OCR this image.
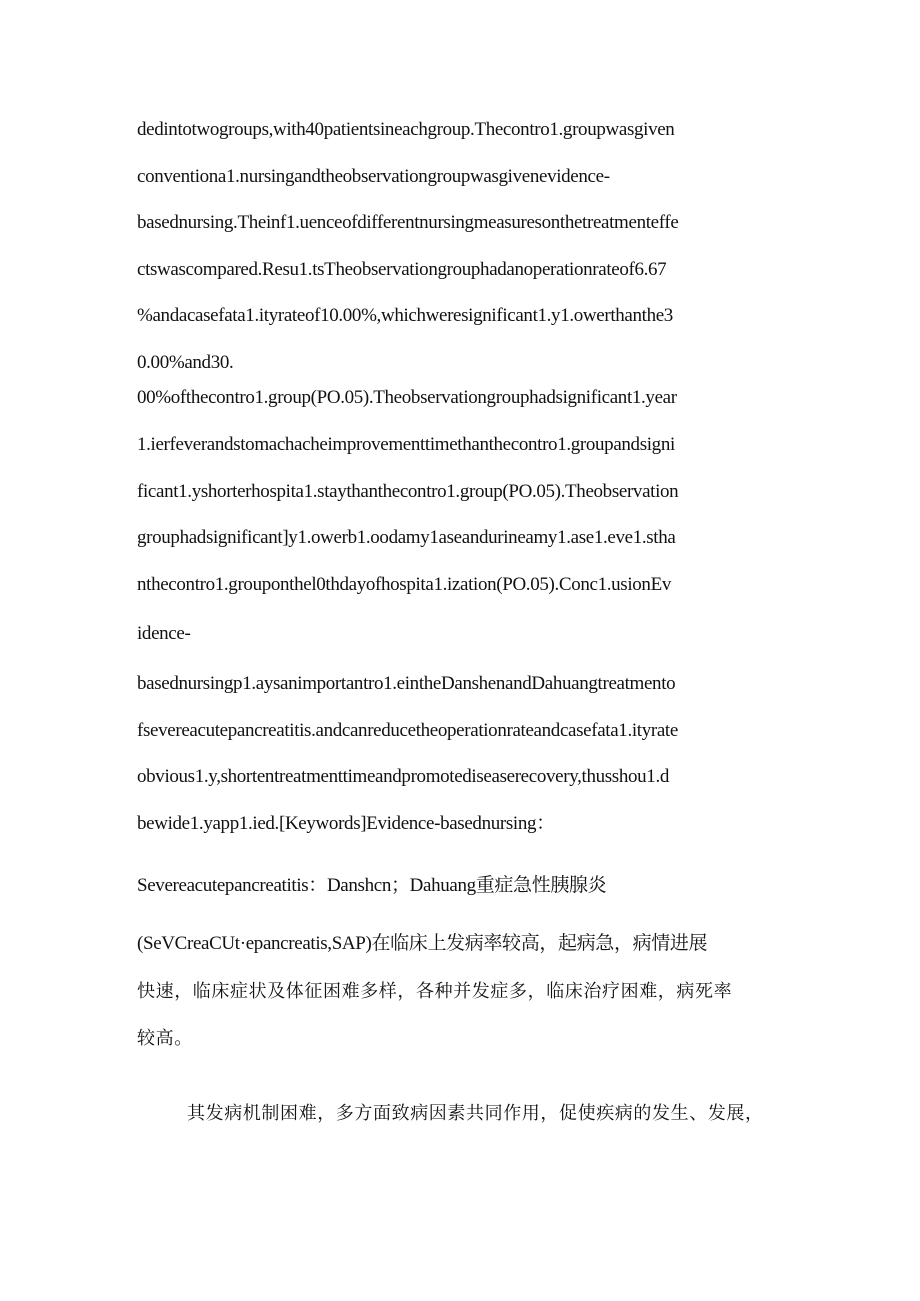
dedintotwogroups,with40patientsineachgroup.Thecontro1.groupwasgiven
conventiona1.nursingandtheobservationgroupwasgivenevidence-
basednursing.Theinf1.uenceofdifferentnursingmeasuresonthetreatmenteffe
ctswascompared.Resu1.tsTheobservationgrouphadanoperationrateof6.67
%andacasefata1.ityrateof10.00%,whichweresignificant1.y1.owerthanthe3
0.00%and30.
00%ofthecontro1.group(PO.05).Theobservationgrouphadsignificant1.year
1.ierfeverandstomachacheimprovementtimethanthecontro1.groupandsigni
ficant1.yshorterhospita1.staythanthecontro1.group(PO.05).Theobservation
grouphadsignificant]y1.owerb1.oodamy1aseandurineamy1.ase1.eve1.stha
nthecontro1.grouponthel0thdayofhospita1.ization(PO.05).Conc1.usionEv
idence-
basednursingp1.aysanimportantro1.eintheDanshenandDahuangtreatmento
fsevereacutepancreatitis.andcanreducetheoperationrateandcasefata1.ityrate
obvious1.y,shortentreatmenttimeandpromotediseaserecovery,thusshou1.d
bewide1.yapp1.ied.[Keywords]Evidence-basednursing：
Severeacutepancreatitis：Danshcn；Dahuang重症急性胰腺炎
(SeVCreaCUt·epancreatis,SAP)在临床上发病率较高，起病急，病情进展
快速，临床症状及体征困难多样，各种并发症多，临床治疗困难，病死率
较高。
其发病机制困难，多方面致病因素共同作用，促使疾病的发生、发展，
